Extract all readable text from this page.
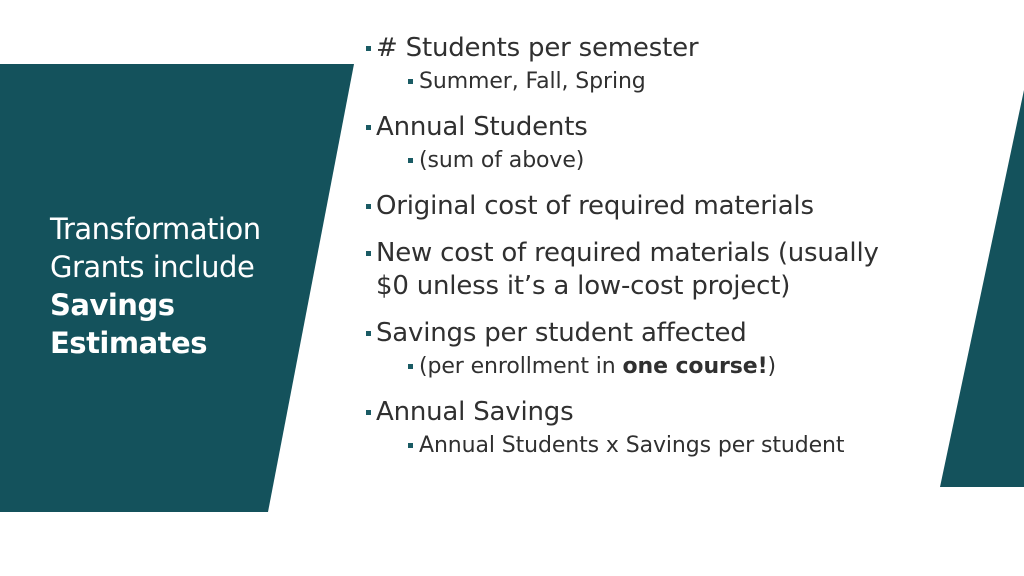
Transformation
Grants include
Savings
Estimates
# Students per semester
Summer, Fall, Spring
Annual Students
(sum of above)
Original cost of required materials
New cost of required materials (usually $0 unless it’s a low-cost project)
Savings per student affected
(per enrollment in one course!)
Annual Savings
Annual Students x Savings per student
